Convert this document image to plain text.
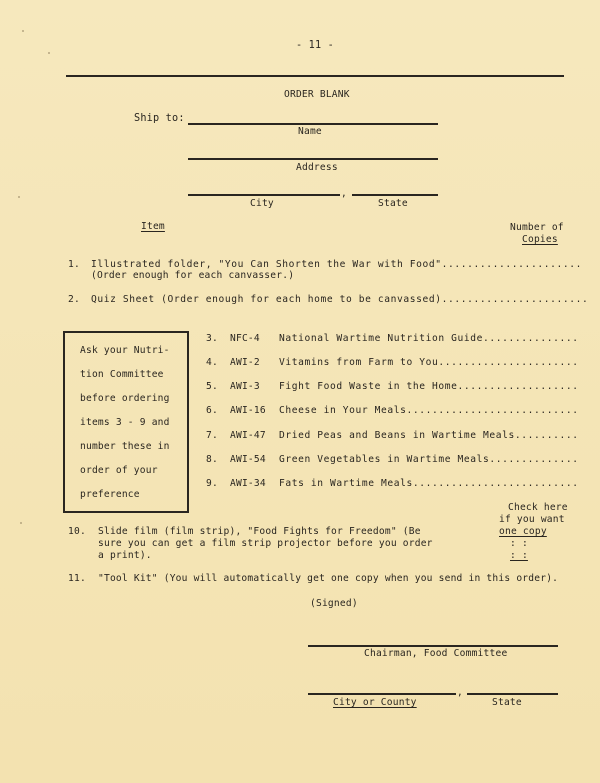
- 11 -
ORDER BLANK
Ship to:
Name
Address
,
City	State
Item	Number of
Copies
1. Illustrated folder, "You Can Shorten the War with Food"......................
(Order enough for each canvasser.)
2. Quiz Sheet (Order enough for each home to be canvassed).......................
Ask your Nutri-
tion Committee
before ordering
items 3 - 9 and
number these in
order of your
preference
3. NFC-4 National Wartime Nutrition Guide...............
4. AWI-2 Vitamins from Farm to You......................
5. AWI-3 Fight Food Waste in the Home...................
6. AWI-16 Cheese in Your Meals...........................
7. AWI-47 Dried Peas and Beans in Wartime Meals..........
8. AWI-54 Green Vegetables in Wartime Meals..............
9. AWI-34 Fats in Wartime Meals..........................
Check here
if you want
one copy
: :
: :
10. Slide film (film strip), "Food Fights for Freedom" (Be
sure you can get a film strip projector before you order
a print).
11. "Tool Kit" (You will automatically get one copy when you send in this order).
(Signed)
Chairman, Food Committee
,
City or County	State
